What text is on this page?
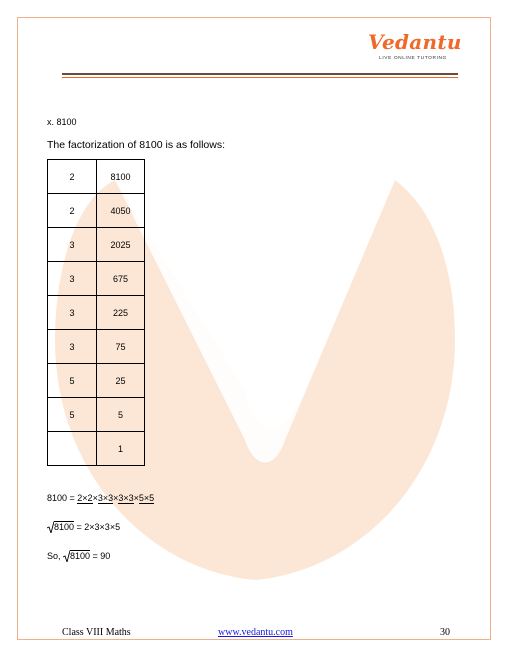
Vedantu
LIVE ONLINE TUTORING
x. 8100
The factorization of 8100 is as follows:
2	8100
2	4050
3	2025
3	675
3	225
3	75
5	25
5	5
	1
8100 = 2×2×3×3×3×3×5×5
8100 = 2×3×3×5
So,
8100 = 90
Class VIII Maths	www.vedantu.com	30
